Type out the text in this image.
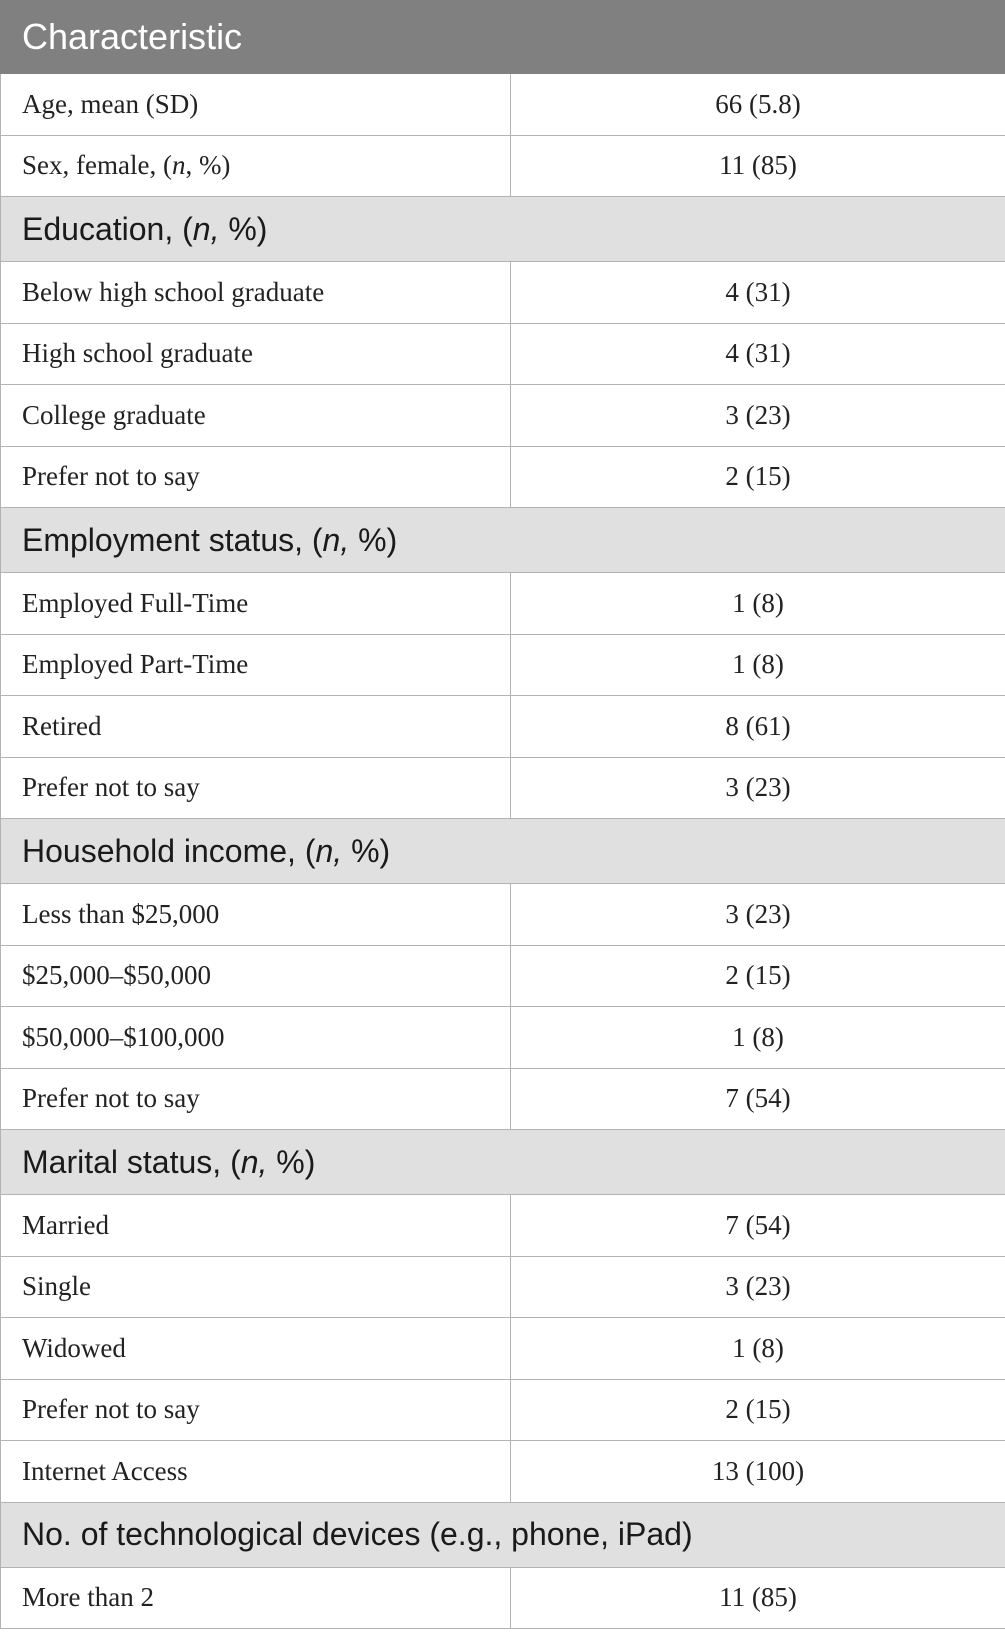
Characteristic	
Age, mean (SD)	66 (5.8)
Sex, female, (n, %)	11 (85)
Education, (n, %)	
Below high school graduate	4 (31)
High school graduate	4 (31)
College graduate	3 (23)
Prefer not to say	2 (15)
Employment status, (n, %)	
Employed Full-Time	1 (8)
Employed Part-Time	1 (8)
Retired	8 (61)
Prefer not to say	3 (23)
Household income, (n, %)	
Less than $25,000	3 (23)
$25,000–$50,000	2 (15)
$50,000–$100,000	1 (8)
Prefer not to say	7 (54)
Marital status, (n, %)	
Married	7 (54)
Single	3 (23)
Widowed	1 (8)
Prefer not to say	2 (15)
Internet Access	13 (100)
No. of technological devices (e.g., phone, iPad)	
More than 2	11 (85)
